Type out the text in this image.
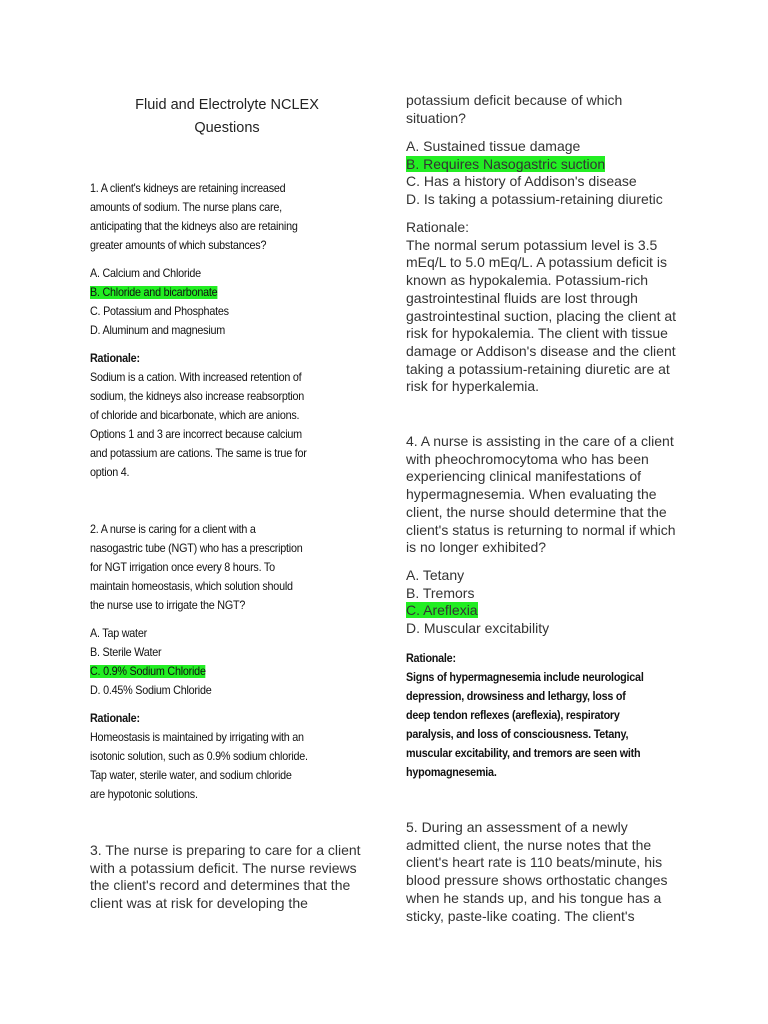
Fluid and Electrolyte NCLEX
Questions
1. A client's kidneys are retaining increased
amounts of sodium. The nurse plans care,
anticipating that the kidneys also are retaining
greater amounts of which substances?
A. Calcium and Chloride
B. Chloride and bicarbonate
C. Potassium and Phosphates
D. Aluminum and magnesium
Rationale:
Sodium is a cation. With increased retention of
sodium, the kidneys also increase reabsorption
of chloride and bicarbonate, which are anions.
Options 1 and 3 are incorrect because calcium
and potassium are cations. The same is true for
option 4.
2. A nurse is caring for a client with a
nasogastric tube (NGT) who has a prescription
for NGT irrigation once every 8 hours. To
maintain homeostasis, which solution should
the nurse use to irrigate the NGT?
A. Tap water
B. Sterile Water
C. 0.9% Sodium Chloride
D. 0.45% Sodium Chloride
Rationale:
Homeostasis is maintained by irrigating with an
isotonic solution, such as 0.9% sodium chloride.
Tap water, sterile water, and sodium chloride
are hypotonic solutions.
3. The nurse is preparing to care for a client
with a potassium deficit. The nurse reviews
the client's record and determines that the
client was at risk for developing the
potassium deficit because of which
situation?
A. Sustained tissue damage
B. Requires Nasogastric suction
C. Has a history of Addison's disease
D. Is taking a potassium-retaining diuretic
Rationale:
The normal serum potassium level is 3.5
mEq/L to 5.0 mEq/L. A potassium deficit is
known as hypokalemia. Potassium-rich
gastrointestinal fluids are lost through
gastrointestinal suction, placing the client at
risk for hypokalemia. The client with tissue
damage or Addison's disease and the client
taking a potassium-retaining diuretic are at
risk for hyperkalemia.
4. A nurse is assisting in the care of a client
with pheochromocytoma who has been
experiencing clinical manifestations of
hypermagnesemia. When evaluating the
client, the nurse should determine that the
client's status is returning to normal if which
is no longer exhibited?
A. Tetany
B. Tremors
C. Areflexia
D. Muscular excitability
Rationale:
Signs of hypermagnesemia include neurological
depression, drowsiness and lethargy, loss of
deep tendon reflexes (areflexia), respiratory
paralysis, and loss of consciousness. Tetany,
muscular excitability, and tremors are seen with
hypomagnesemia.
5. During an assessment of a newly
admitted client, the nurse notes that the
client's heart rate is 110 beats/minute, his
blood pressure shows orthostatic changes
when he stands up, and his tongue has a
sticky, paste-like coating. The client's
